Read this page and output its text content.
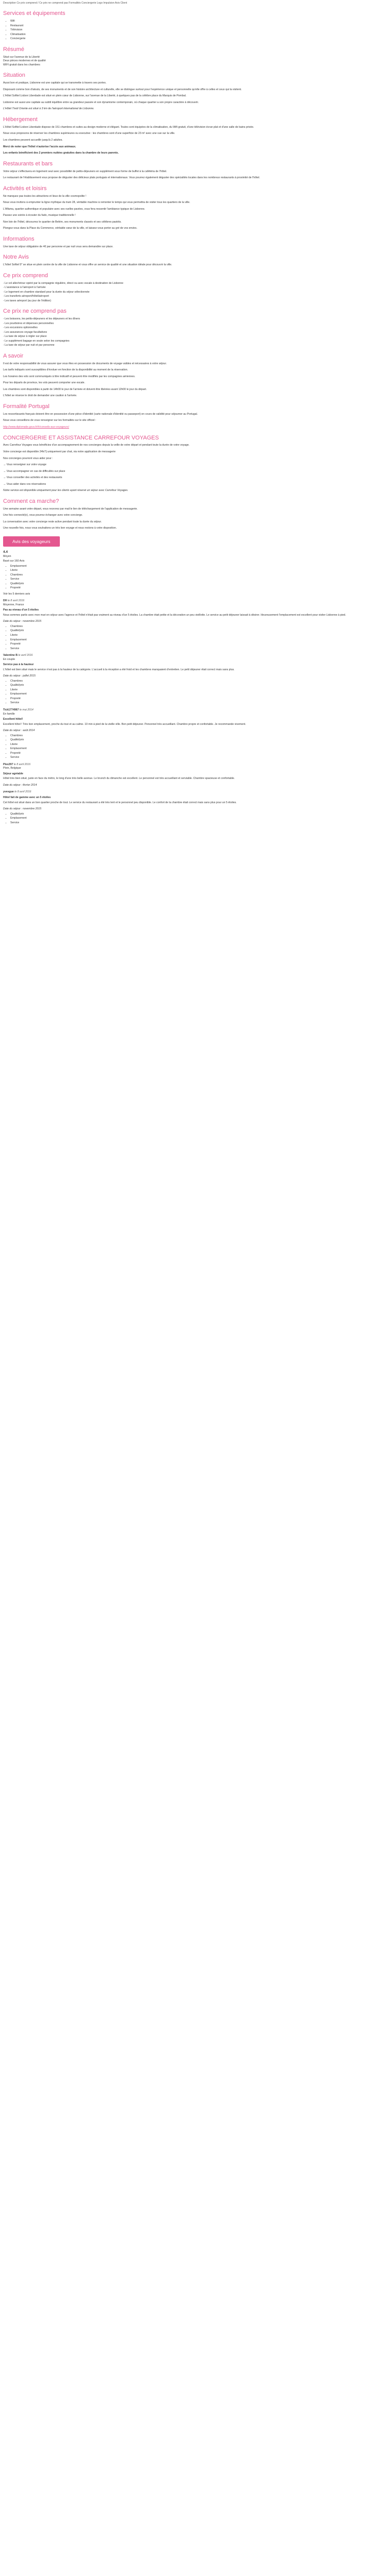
Description Ce prix comprend / Ce prix ne comprend pas Formalités Conciergerie Logo Impulsion Avis Client
Services et équipements
• Wifi
• Restaurant
• Télévision
• Climatisation
• Conciergerie
Résumé
Situé sur l'avenue de la Liberté
Deux pièces modernes et de qualité
WIFI gratuit dans les chambres
Situation
Aussi bon et pratique, Lisbonne est une capitale qui se transmette à travers ses portes.
Disposant comme bon d'atouts, de ses monuments et de son histoire architecture et culturelle, elle se distingue surtout pour l'expérience unique et personnelle qu'elle offre à celles et ceux qui la visitent.
L'Hôtel Sofitel Lisbon Liberdade est situé en plein cœur de Lisbonne, sur l'avenue de la Liberté, à quelques pas de la célèbre place du Marquis de Pombal.
Lisbonne est aussi une capitale au subtil équilibre entre sa grandeur passée et son dynamisme contemporain, où chaque quartier a son propre caractère à découvrir.
L'Hôtel Tivoli Oriente est situé à 3 km de l'aéroport international de Lisbonne.
Hébergement
L'Hôtel Sofitel Lisbon Liberdade dispose de 151 chambres et suites au design moderne et élégant. Toutes sont équipées de la climatisation, du Wifi gratuit, d'une télévision écran plat et d'une salle de bains privée.
Nous vous proposons de réserver les chambres supérieures ou executive : les chambres sont d'une superficie de 23 m² avec une vue sur la ville.
Les chambres peuvent accueillir jusqu'à 2 adultes.
Merci de noter que l'hôtel n'autorise l'accès aux animaux.
Les enfants bénéficient des 2 premiers nuitées gratuites dans la chambre de leurs parents.
Restaurants et bars
Votre séjour s'effectuera en logement seul avec possibilité de petits-déjeuners en supplément sous forme de buffet à la cafétéria de l'hôtel.
Le restaurant de l'établissement vous propose de déguster des délicieux plats portugais et internationaux. Vous pourrez également déguster des spécialités locales dans les nombreux restaurants à proximité de l'hôtel.
Activités et loisirs
Ne manquez pas toutes les attractions et lieux de la ville cosmopolite !
Nous vous invitons à emprunter la ligne mythique du tram 28, véritable machine à remonter le temps qui vous permettra de visiter tous les quartiers de la ville.
L'Alfama, quartier authentique et populaire avec ses ruelles pavées, vous fera ressentir l'ambiance typique de Lisbonne.
Passez une soirée à écouter du fado, musique traditionnelle !
Non loin de l'hôtel, découvrez le quartier de Belém, ses monuments classés et ses célèbres pastéis.
Plongez-vous dans la Place du Commerce, véritable cœur de la ville, et laissez-vous porter au gré de vos envies.
Informations
Une taxe de séjour obligatoire de 4€ par personne et par nuit vous sera demandée sur place.
Notre Avis
L'hôtel Sofitel 5* se situe en plein centre de la ville de Lisbonne et vous offre un service de qualité et une situation idéale pour découvrir la ville.
Ce prix comprend
- Le vol aller/retour opéré par la compagnie régulière, direct ou avec escale à destination de Lisbonne
- L'assistance à l'aéroport à l'arrivée
- Le logement en chambre standard pour la durée du séjour sélectionnée
- Les transferts aéroport/hôtel/aéroport
- Les taxes aéroport (au jour de l'édition)
Ce prix ne comprend pas
- Les boissons, les petits-déjeuners et les déjeuners et les dîners
- Les pourboires et dépenses personnelles
- Les excursions optionnelles
- Les assurances voyage facultatives
- La taxe de séjour à régler sur place
- Le supplément bagage en soute selon les compagnies
- La taxe de séjour par nuit et par personne
A savoir
Il est de votre responsabilité de vous assurer que vous êtes en possession de documents de voyage valides et nécessaires à votre séjour.
Les tarifs indiqués sont susceptibles d'évoluer en fonction de la disponibilité au moment de la réservation.
Les horaires des vols sont communiqués à titre indicatif et peuvent être modifiés par les compagnies aériennes.
Pour les départs de province, les vols peuvent comporter une escale.
Les chambres sont disponibles à partir de 14h00 le jour de l'arrivée et doivent être libérées avant 12h00 le jour du départ.
L'hôtel se réserve le droit de demander une caution à l'arrivée.
Formalité Portugal
Les ressortissants français doivent être en possession d'une pièce d'identité (carte nationale d'identité ou passeport) en cours de validité pour séjourner au Portugal.
Nous vous conseillons de vous renseigner sur les formalités sur le site officiel :
http://www.diplomatie.gouv.fr/fr/conseils-aux-voyageurs/
CONCIERGERIE ET ASSISTANCE CARREFOUR VOYAGES
Avec Carrefour Voyages vous bénéficiez d'un accompagnement de nos concierges depuis la veille de votre départ et pendant toute la durée de votre voyage.
Votre concierge est disponible 24h/7j uniquement par chat, via notre application de messagerie
Nos concierges pourront vous aider pour :
→ Vous renseigner sur votre voyage
→ Vous accompagner en cas de difficultés sur place
→ Vous conseiller des activités et des restaurants
→ Vous aider dans vos réservations
Notre service est disponible uniquement pour les clients ayant réservé un séjour avec Carrefour Voyages.
Comment ca marche?
Une semaine avant votre départ, vous recevrez par mail le lien de téléchargement de l'application de messagerie.
Une fois connecté(e), vous pourrez échanger avec votre concierge.
La conversation avec votre concierge reste active pendant toute la durée du séjour.
Une nouvelle fois, nous vous souhaitons un très bon voyage et nous restons à votre disposition.
Avis des voyageurs
4.4
Moyen
Basé sur 160 Avis
• Emplacement
• Literie
• Chambres
• Service
• Qualité/prix
• Propreté
Voir les 5 derniers avis
DH le 8 avril 2016
Moyenne, France
Pas au niveau d'un 5 étoiles
Nous sommes partis avec mon mari en séjour avec l'agence et l'hôtel n'était pas vraiment au niveau d'un 5 étoiles. La chambre était petite et la décoration un peu vieillotte. Le service au petit déjeuner laissait à désirer. Heureusement l'emplacement est excellent pour visiter Lisbonne à pied.
Date du séjour : novembre 2015
• Chambres
• Qualité/prix
• Literie
• Emplacement
• Propreté
• Service
Valentine B le avril 2016
En couple
Service pas à la hauteur
L'hôtel est bien situé mais le service n'est pas à la hauteur de la catégorie. L'accueil à la réception a été froid et les chambres manquaient d'entretien. Le petit déjeuner était correct mais sans plus.
Date du séjour : juillet 2015
• Chambres
• Qualité/prix
• Literie
• Emplacement
• Propreté
• Service
Tick1774967 le mai 2014
En famille
Excellent hôtel!
Excellent hôtel ! Très bon emplacement, proche du tout et au calme. 10 min à pied de la vieille ville. Bon petit déjeuner. Personnel très accueillant. Chambre propre et confortable. Je recommande vivement.
Date du séjour : août 2014
• Chambres
• Qualité/prix
• Literie
• Emplacement
• Propreté
• Service
Plex297 le 8 avril 2016
Plein, Belgique
Séjour agréable
Hôtel très bien situé, juste en face du métro, le long d'une très belle avenue. Le brunch du dimanche est excellent. Le personnel est très accueillant et serviable. Chambre spacieuse et confortable.
Date du séjour : février 2014
yvesgue le 8 avril 2016
Hôtel fait de gamme avec un 5 étoiles
Cet hôtel est situé dans un bon quartier proche de tout. Le service du restaurant a été très lent et le personnel peu disponible. Le confort de la chambre était correct mais sans plus pour un 5 étoiles.
Date du séjour : novembre 2015
• Qualité/prix
• Emplacement
• Service
